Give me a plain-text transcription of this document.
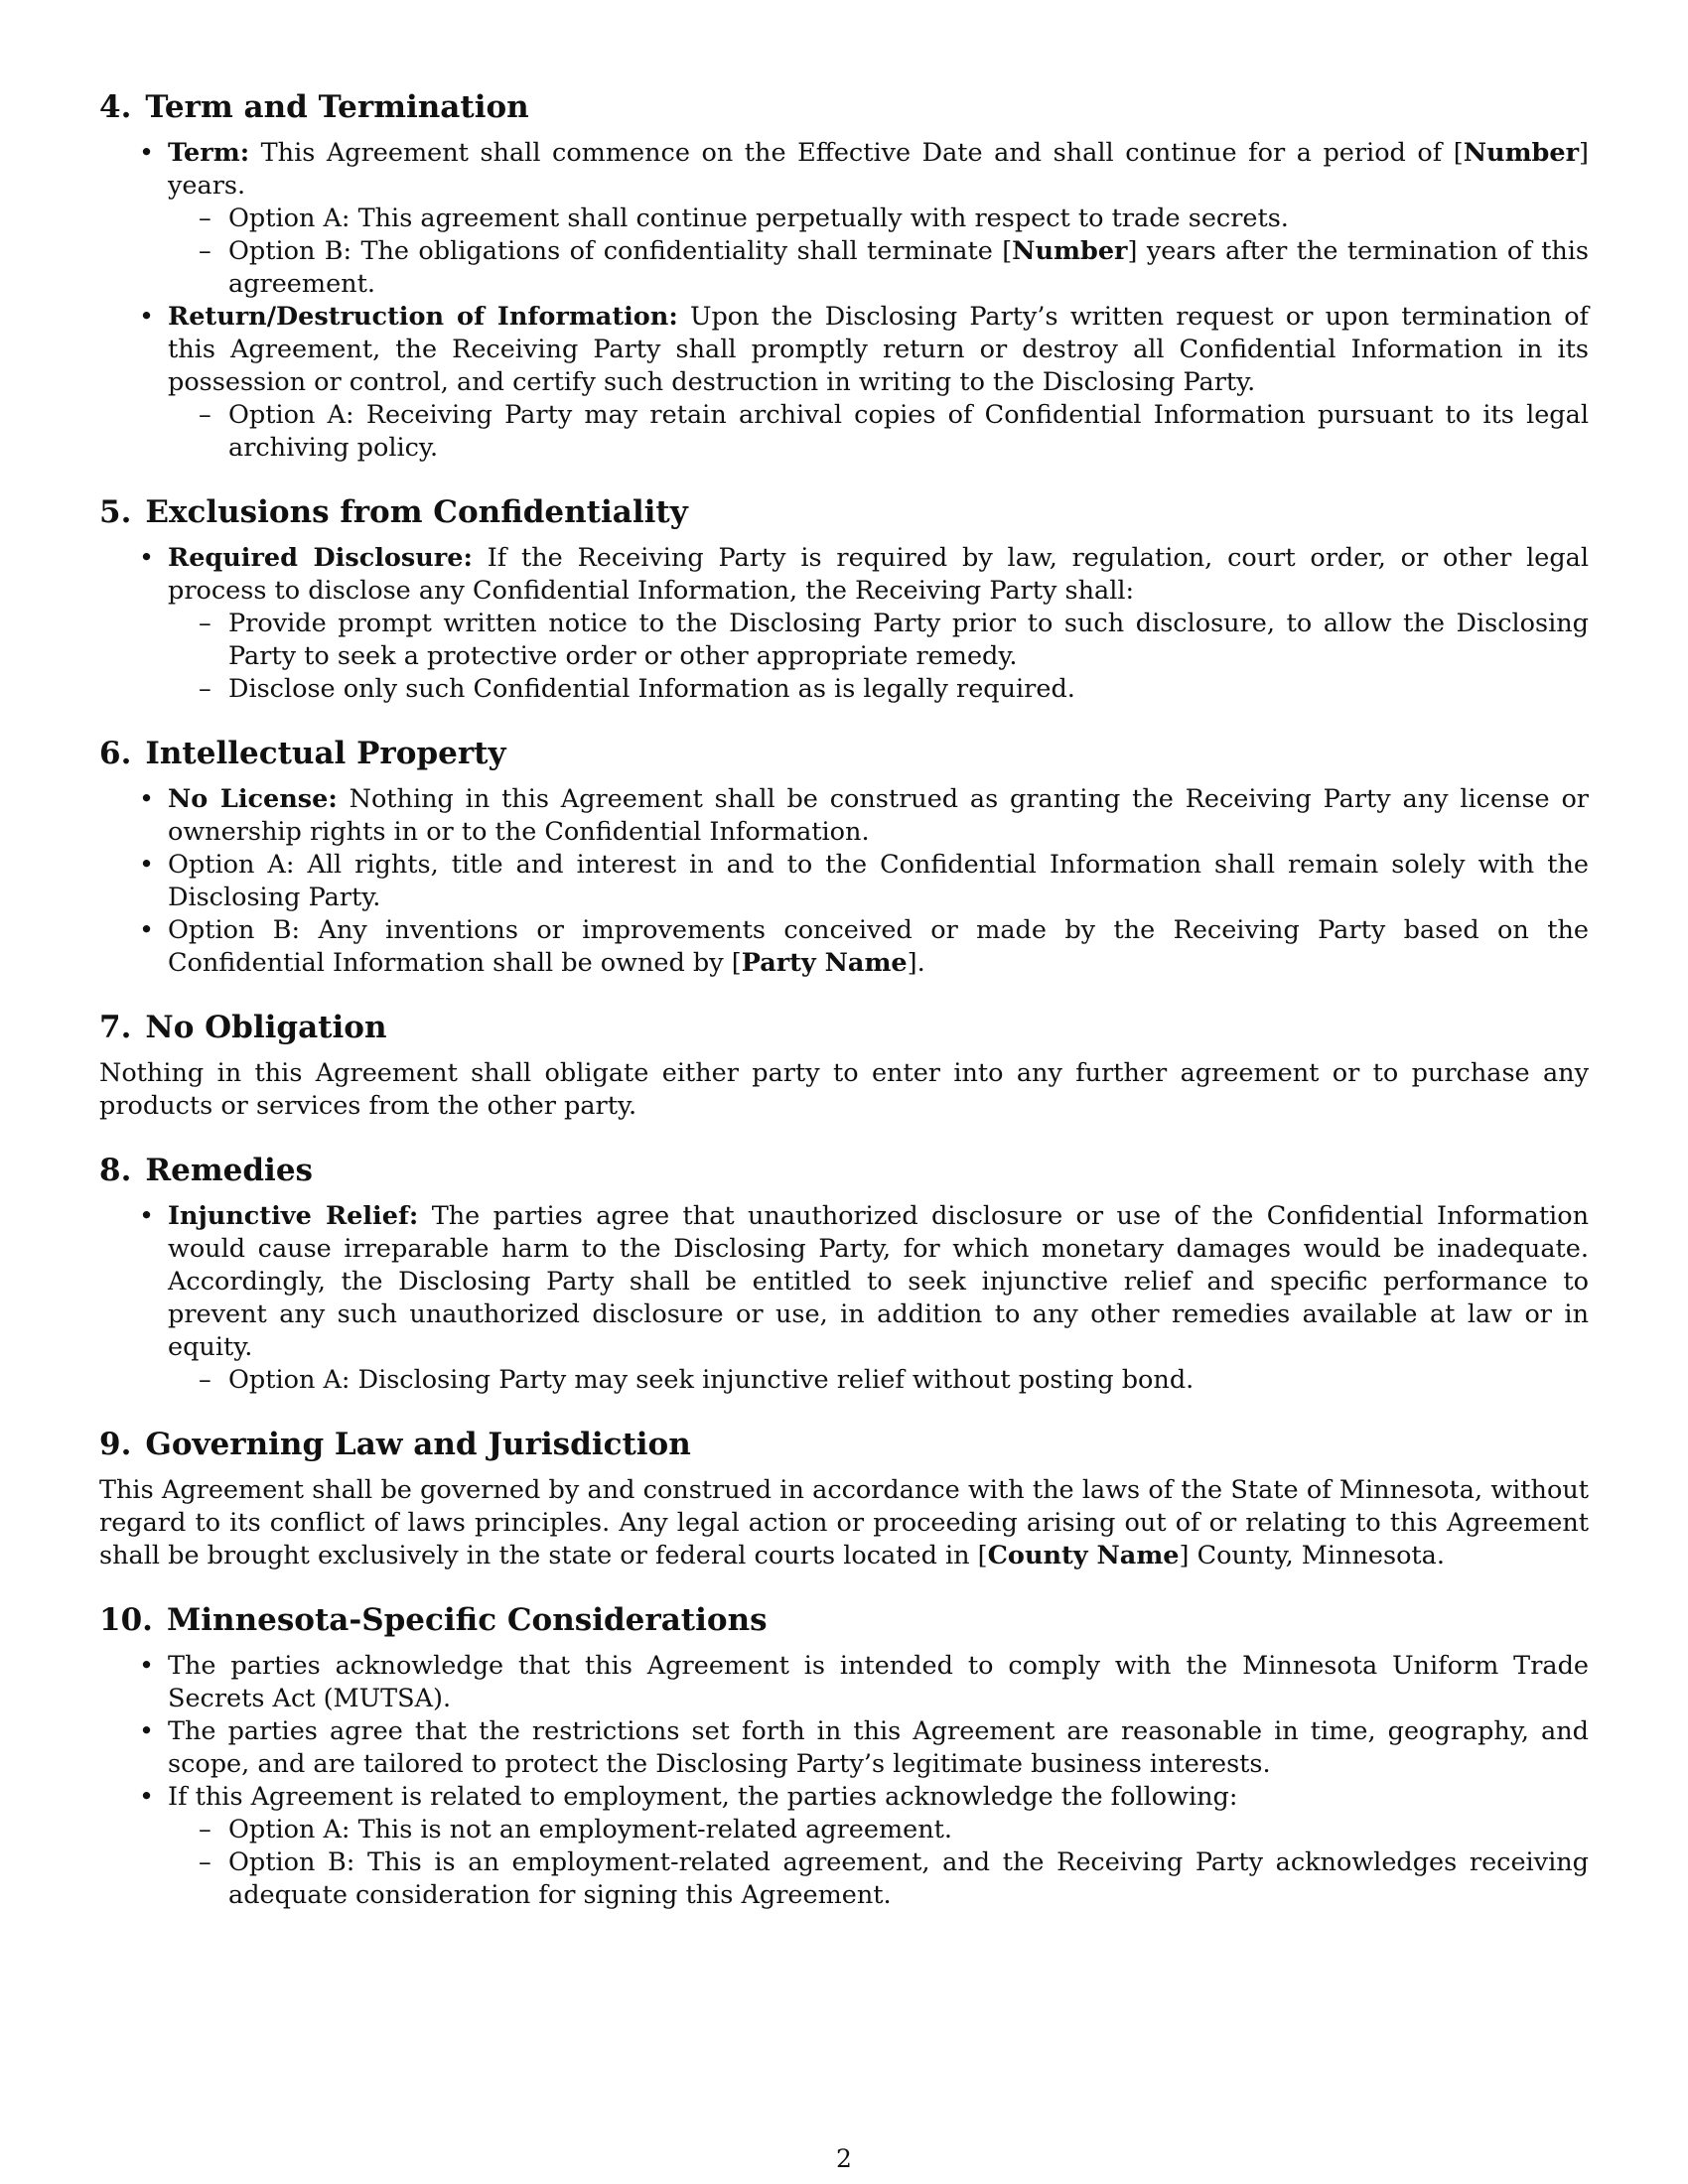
4. Term and Termination
• Term: This Agreement shall commence on the Effective Date and shall continue for a period of [Number] years.
– Option A: This agreement shall continue perpetually with respect to trade secrets.
– Option B: The obligations of confidentiality shall terminate [Number] years after the termination of this agreement.
• Return/Destruction of Information: Upon the Disclosing Party’s written request or upon termination of this Agreement, the Receiving Party shall promptly return or destroy all Confidential Information in its possession or control, and certify such destruction in writing to the Disclosing Party.
– Option A: Receiving Party may retain archival copies of Confidential Information pursuant to its legal archiving policy.
5. Exclusions from Confidentiality
• Required Disclosure: If the Receiving Party is required by law, regulation, court order, or other legal process to disclose any Confidential Information, the Receiving Party shall:
– Provide prompt written notice to the Disclosing Party prior to such disclosure, to allow the Disclosing Party to seek a protective order or other appropriate remedy.
– Disclose only such Confidential Information as is legally required.
6. Intellectual Property
• No License: Nothing in this Agreement shall be construed as granting the Receiving Party any license or ownership rights in or to the Confidential Information.
• Option A: All rights, title and interest in and to the Confidential Information shall remain solely with the Disclosing Party.
• Option B: Any inventions or improvements conceived or made by the Receiving Party based on the Confidential Information shall be owned by [Party Name].
7. No Obligation

Nothing in this Agreement shall obligate either party to enter into any further agreement or to purchase any products or services from the other party.

8. Remedies
• Injunctive Relief: The parties agree that unauthorized disclosure or use of the Confidential Information would cause irreparable harm to the Disclosing Party, for which monetary damages would be inadequate. Accordingly, the Disclosing Party shall be entitled to seek injunctive relief and specific performance to prevent any such unauthorized disclosure or use, in addition to any other remedies available at law or in equity.
– Option A: Disclosing Party may seek injunctive relief without posting bond.
9. Governing Law and Jurisdiction

This Agreement shall be governed by and construed in accordance with the laws of the State of Minnesota, without regard to its conflict of laws principles. Any legal action or proceeding arising out of or relating to this Agreement shall be brought exclusively in the state or federal courts located in [County Name] County, Minnesota.

10. Minnesota-Specific Considerations
• The parties acknowledge that this Agreement is intended to comply with the Minnesota Uniform Trade Secrets Act (MUTSA).
• The parties agree that the restrictions set forth in this Agreement are reasonable in time, geography, and scope, and are tailored to protect the Disclosing Party’s legitimate business interests.
• If this Agreement is related to employment, the parties acknowledge the following:
– Option A: This is not an employment-related agreement.
– Option B: This is an employment-related agreement, and the Receiving Party acknowledges receiving adequate consideration for signing this Agreement.
2
